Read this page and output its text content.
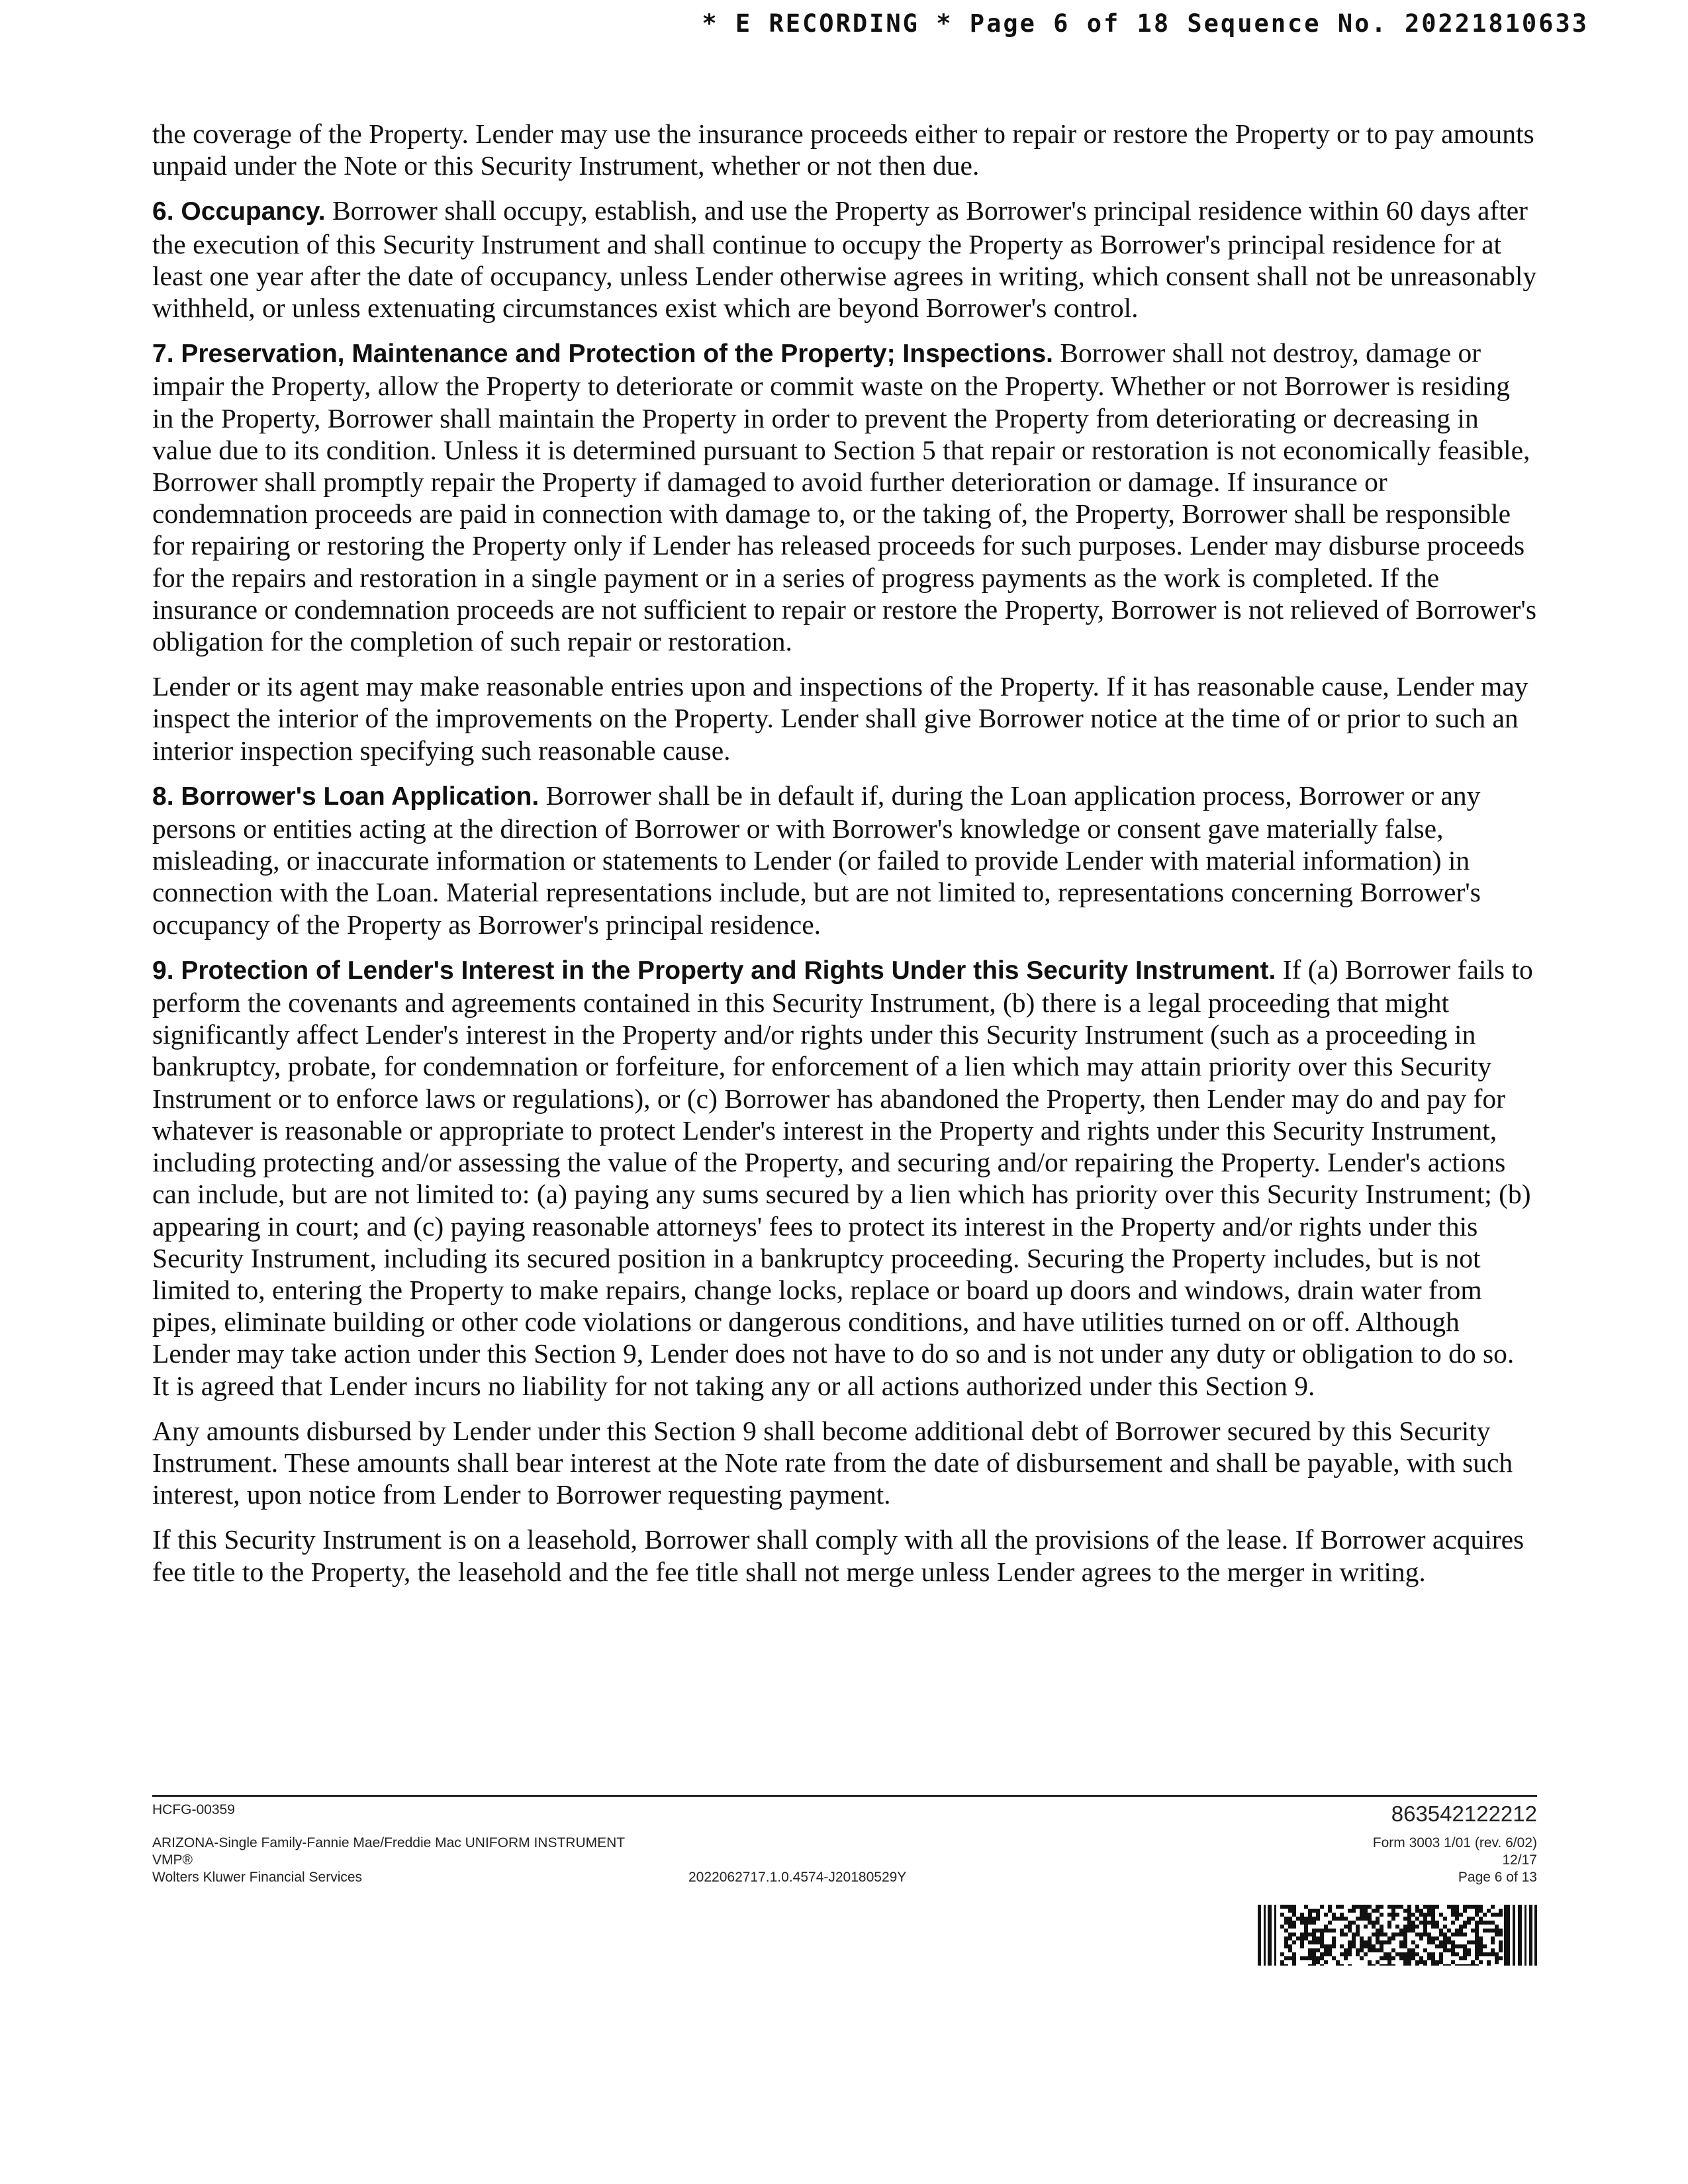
* E RECORDING * Page 6 of 18 Sequence No. 20221810633

the coverage of the Property. Lender may use the insurance proceeds either to repair or restore the Property or to pay amounts unpaid under the Note or this Security Instrument, whether or not then due.

6. Occupancy. Borrower shall occupy, establish, and use the Property as Borrower's principal residence within 60 days after the execution of this Security Instrument and shall continue to occupy the Property as Borrower's principal residence for at least one year after the date of occupancy, unless Lender otherwise agrees in writing, which consent shall not be unreasonably withheld, or unless extenuating circumstances exist which are beyond Borrower's control.

7. Preservation, Maintenance and Protection of the Property; Inspections. Borrower shall not destroy, damage or impair the Property, allow the Property to deteriorate or commit waste on the Property. Whether or not Borrower is residing in the Property, Borrower shall maintain the Property in order to prevent the Property from deteriorating or decreasing in value due to its condition. Unless it is determined pursuant to Section 5 that repair or restoration is not economically feasible, Borrower shall promptly repair the Property if damaged to avoid further deterioration or damage. If insurance or condemnation proceeds are paid in connection with damage to, or the taking of, the Property, Borrower shall be responsible for repairing or restoring the Property only if Lender has released proceeds for such purposes. Lender may disburse proceeds for the repairs and restoration in a single payment or in a series of progress payments as the work is completed. If the insurance or condemnation proceeds are not sufficient to repair or restore the Property, Borrower is not relieved of Borrower's obligation for the completion of such repair or restoration.

Lender or its agent may make reasonable entries upon and inspections of the Property. If it has reasonable cause, Lender may inspect the interior of the improvements on the Property. Lender shall give Borrower notice at the time of or prior to such an interior inspection specifying such reasonable cause.

8. Borrower's Loan Application. Borrower shall be in default if, during the Loan application process, Borrower or any persons or entities acting at the direction of Borrower or with Borrower's knowledge or consent gave materially false, misleading, or inaccurate information or statements to Lender (or failed to provide Lender with material information) in connection with the Loan. Material representations include, but are not limited to, representations concerning Borrower's occupancy of the Property as Borrower's principal residence.

9. Protection of Lender's Interest in the Property and Rights Under this Security Instrument. If (a) Borrower fails to perform the covenants and agreements contained in this Security Instrument, (b) there is a legal proceeding that might significantly affect Lender's interest in the Property and/or rights under this Security Instrument (such as a proceeding in bankruptcy, probate, for condemnation or forfeiture, for enforcement of a lien which may attain priority over this Security Instrument or to enforce laws or regulations), or (c) Borrower has abandoned the Property, then Lender may do and pay for whatever is reasonable or appropriate to protect Lender's interest in the Property and rights under this Security Instrument, including protecting and/or assessing the value of the Property, and securing and/or repairing the Property. Lender's actions can include, but are not limited to: (a) paying any sums secured by a lien which has priority over this Security Instrument; (b) appearing in court; and (c) paying reasonable attorneys' fees to protect its interest in the Property and/or rights under this Security Instrument, including its secured position in a bankruptcy proceeding. Securing the Property includes, but is not limited to, entering the Property to make repairs, change locks, replace or board up doors and windows, drain water from pipes, eliminate building or other code violations or dangerous conditions, and have utilities turned on or off. Although Lender may take action under this Section 9, Lender does not have to do so and is not under any duty or obligation to do so. It is agreed that Lender incurs no liability for not taking any or all actions authorized under this Section 9.

Any amounts disbursed by Lender under this Section 9 shall become additional debt of Borrower secured by this Security Instrument. These amounts shall bear interest at the Note rate from the date of disbursement and shall be payable, with such interest, upon notice from Lender to Borrower requesting payment.

If this Security Instrument is on a leasehold, Borrower shall comply with all the provisions of the lease. If Borrower acquires fee title to the Property, the leasehold and the fee title shall not merge unless Lender agrees to the merger in writing.

HCFG-00359
ARIZONA-Single Family-Fannie Mae/Freddie Mac UNIFORM INSTRUMENT
VMP®
Wolters Kluwer Financial Services	2022062717.1.0.4574-J20180529Y
863542122212
Form 3003 1/01 (rev. 6/02)
12/17
Page 6 of 13
